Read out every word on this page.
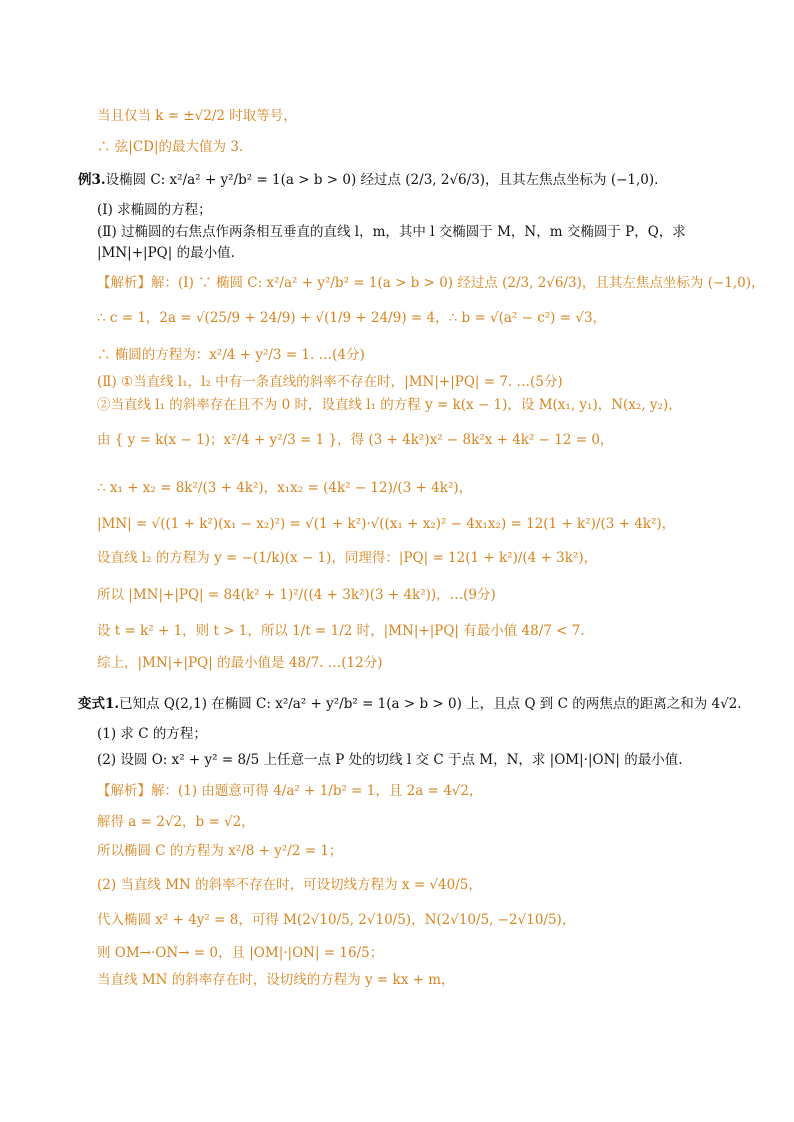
当且仅当 k = ±√2/2 时取等号，
∴ 弦|CD|的最大值为 3.
例3.设椭圆 C: x²/a² + y²/b² = 1(a > b > 0) 经过点 (2/3, 2√6/3)，且其左焦点坐标为 (−1,0).
(Ⅰ) 求椭圆的方程；
(Ⅱ) 过椭圆的右焦点作两条相互垂直的直线 l，m，其中 l 交椭圆于 M，N，m 交椭圆于 P，Q，求
|MN|+|PQ| 的最小值.
【解析】解：(Ⅰ) ∵ 椭圆 C: x²/a² + y²/b² = 1(a > b > 0) 经过点 (2/3, 2√6/3)，且其左焦点坐标为 (−1,0)，
∴ c = 1，2a = √(25/9 + 24/9) + √(1/9 + 24/9) = 4，∴ b = √(a² − c²) = √3，
∴ 椭圆的方程为：x²/4 + y²/3 = 1. …(4分)
(Ⅱ) ①当直线 l₁，l₂ 中有一条直线的斜率不存在时，|MN|+|PQ| = 7. …(5分)
②当直线 l₁ 的斜率存在且不为 0 时，设直线 l₁ 的方程 y = k(x − 1)，设 M(x₁, y₁)，N(x₂, y₂)，
由 { y = k(x − 1)；x²/4 + y²/3 = 1 }，得 (3 + 4k²)x² − 8k²x + 4k² − 12 = 0，
∴ x₁ + x₂ = 8k²/(3 + 4k²)，x₁x₂ = (4k² − 12)/(3 + 4k²)，
|MN| = √((1 + k²)(x₁ − x₂)²) = √(1 + k²)·√((x₁ + x₂)² − 4x₁x₂) = 12(1 + k²)/(3 + 4k²)，
设直线 l₂ 的方程为 y = −(1/k)(x − 1)，同理得：|PQ| = 12(1 + k²)/(4 + 3k²)，
所以 |MN|+|PQ| = 84(k² + 1)²/((4 + 3k²)(3 + 4k²))，…(9分)
设 t = k² + 1，则 t > 1，所以 1/t = 1/2 时，|MN|+|PQ| 有最小值 48/7 < 7.
综上，|MN|+|PQ| 的最小值是 48/7. …(12分)
变式1.已知点 Q(2,1) 在椭圆 C: x²/a² + y²/b² = 1(a > b > 0) 上，且点 Q 到 C 的两焦点的距离之和为 4√2.
(1) 求 C 的方程；
(2) 设圆 O: x² + y² = 8/5 上任意一点 P 处的切线 l 交 C 于点 M，N，求 |OM|·|ON| 的最小值.
【解析】解：(1) 由题意可得 4/a² + 1/b² = 1，且 2a = 4√2，
解得 a = 2√2，b = √2，
所以椭圆 C 的方程为 x²/8 + y²/2 = 1；
(2) 当直线 MN 的斜率不存在时，可设切线方程为 x = √40/5，
代入椭圆 x² + 4y² = 8，可得 M(2√10/5, 2√10/5)，N(2√10/5, −2√10/5)，
则 OM→·ON→ = 0，且 |OM|·|ON| = 16/5；
当直线 MN 的斜率存在时，设切线的方程为 y = kx + m，
